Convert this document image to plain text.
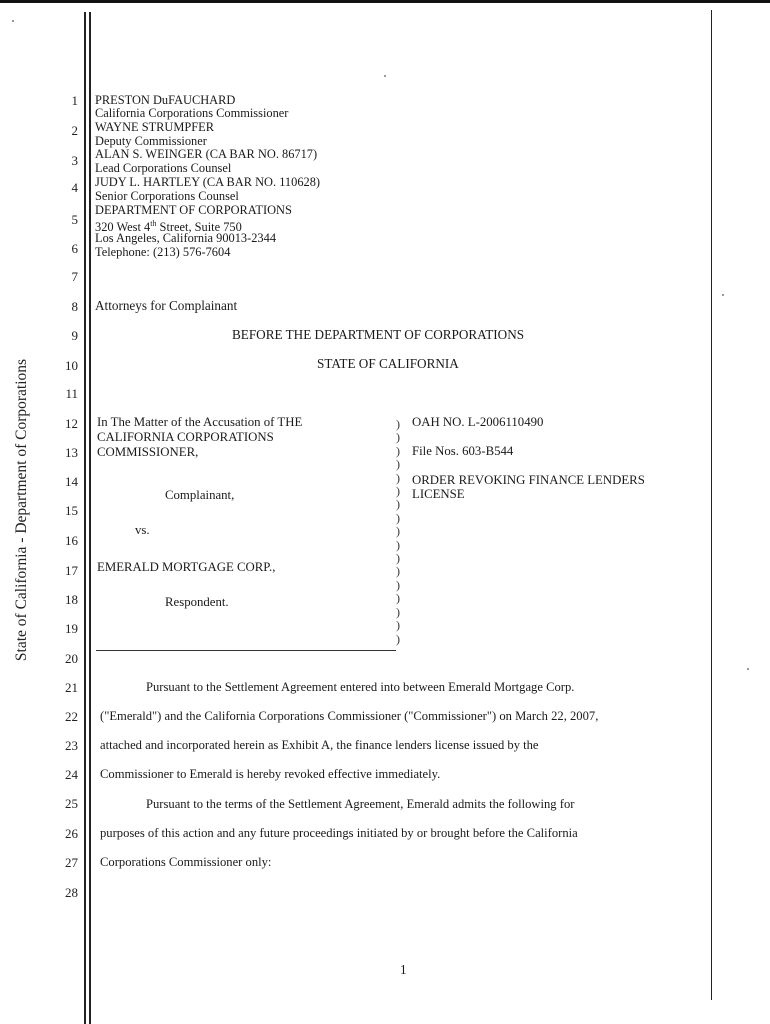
State of California - Department of Corporations
1
2
3
4
5
6
7
8
9
10
11
12
13
14
15
16
17
18
19
20
21
22
23
24
25
26
27
28
PRESTON DuFAUCHARD
California Corporations Commissioner
WAYNE STRUMPFER
Deputy Commissioner
ALAN S. WEINGER (CA BAR NO. 86717)
Lead Corporations Counsel
JUDY L. HARTLEY (CA BAR NO. 110628)
Senior Corporations Counsel
DEPARTMENT OF CORPORATIONS
320 West 4th Street, Suite 750
Los Angeles, California 90013-2344
Telephone: (213) 576-7604
Attorneys for Complainant
BEFORE THE DEPARTMENT OF CORPORATIONS
STATE OF CALIFORNIA
In The Matter of the Accusation of THE
CALIFORNIA CORPORATIONS
COMMISSIONER,
Complainant,
vs.
EMERALD MORTGAGE CORP.,
Respondent.
)
)
)
)
)
)
)
)
)
)
)
)
)
)
)
)
)
OAH NO. L-2006110490
File Nos. 603-B544
ORDER REVOKING FINANCE LENDERS
LICENSE
Pursuant to the Settlement Agreement entered into between Emerald Mortgage Corp.
("Emerald") and the California Corporations Commissioner ("Commissioner") on March 22, 2007,
attached and incorporated herein as Exhibit A, the finance lenders license issued by the
Commissioner to Emerald is hereby revoked effective immediately.
Pursuant to the terms of the Settlement Agreement, Emerald admits the following for
purposes of this action and any future proceedings initiated by or brought before the California
Corporations Commissioner only:
1
